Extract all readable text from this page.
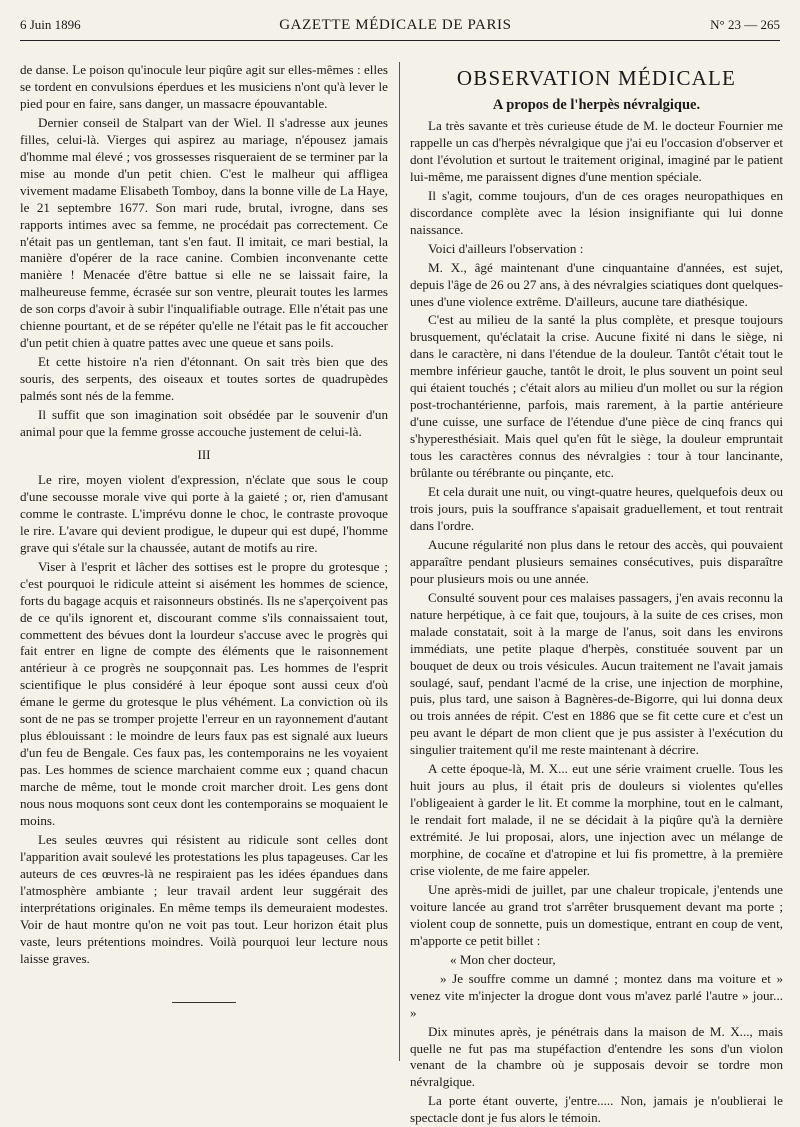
6 Juin 1896	GAZETTE MÉDICALE DE PARIS	N° 23 — 265

de danse. Le poison qu'inocule leur piqûre agit sur elles-mêmes : elles se tordent en convulsions éperdues et les musiciens n'ont qu'à lever le pied pour en faire, sans danger, un massacre épouvantable.

Dernier conseil de Stalpart van der Wiel. Il s'adresse aux jeunes filles, celui-là. Vierges qui aspirez au mariage, n'épousez jamais d'homme mal élevé ; vos grossesses risqueraient de se terminer par la mise au monde d'un petit chien. C'est le malheur qui affligea vivement madame Elisabeth Tomboy, dans la bonne ville de La Haye, le 21 septembre 1677. Son mari rude, brutal, ivrogne, dans ses rapports intimes avec sa femme, ne procédait pas correctement. Ce n'était pas un gentleman, tant s'en faut. Il imitait, ce mari bestial, la manière d'opérer de la race canine. Combien inconvenante cette manière ! Menacée d'être battue si elle ne se laissait faire, la malheureuse femme, écrasée sur son ventre, pleurait toutes les larmes de son corps d'avoir à subir l'inqualifiable outrage. Elle n'était pas une chienne pourtant, et de se répéter qu'elle ne l'était pas le fit accoucher d'un petit chien à quatre pattes avec une queue et sans poils.

Et cette histoire n'a rien d'étonnant. On sait très bien que des souris, des serpents, des oiseaux et toutes sortes de quadrupèdes palmés sont nés de la femme.

Il suffit que son imagination soit obsédée par le souvenir d'un animal pour que la femme grosse accouche justement de celui-là.

III

Le rire, moyen violent d'expression, n'éclate que sous le coup d'une secousse morale vive qui porte à la gaieté ; or, rien d'amusant comme le contraste. L'imprévu donne le choc, le contraste provoque le rire. L'avare qui devient prodigue, le dupeur qui est dupé, l'homme grave qui s'étale sur la chaussée, autant de motifs au rire.

Viser à l'esprit et lâcher des sottises est le propre du grotesque ; c'est pourquoi le ridicule atteint si aisément les hommes de science, forts du bagage acquis et raisonneurs obstinés. Ils ne s'aperçoivent pas de ce qu'ils ignorent et, discourant comme s'ils connaissaient tout, commettent des bévues dont la lourdeur s'accuse avec le progrès qui fait entrer en ligne de compte des éléments que le raisonnement antérieur à ce progrès ne soupçonnait pas. Les hommes de l'esprit scientifique le plus considéré à leur époque sont aussi ceux d'où émane le germe du grotesque le plus véhément. La conviction où ils sont de ne pas se tromper projette l'erreur en un rayonnement d'autant plus éblouissant : le moindre de leurs faux pas est signalé aux lueurs d'un feu de Bengale. Ces faux pas, les contemporains ne les voyaient pas. Les hommes de science marchaient comme eux ; quand chacun marche de même, tout le monde croit marcher droit. Les gens dont nous nous moquons sont ceux dont les contemporains se moquaient le moins.

Les seules œuvres qui résistent au ridicule sont celles dont l'apparition avait soulevé les protestations les plus tapageuses. Car les auteurs de ces œuvres-là ne respiraient pas les idées épandues dans l'atmosphère ambiante ; leur travail ardent leur suggérait des interprétations originales. En même temps ils demeuraient modestes. Voir de haut montre qu'on ne voit pas tout. Leur horizon était plus vaste, leurs prétentions moindres. Voilà pourquoi leur lecture nous laisse graves.

OBSERVATION MÉDICALE
A propos de l'herpès névralgique.

La très savante et très curieuse étude de M. le docteur Fournier me rappelle un cas d'herpès névralgique que j'ai eu l'occasion d'observer et dont l'évolution et surtout le traitement original, imaginé par le patient lui-même, me paraissent dignes d'une mention spéciale.

Il s'agit, comme toujours, d'un de ces orages neuropathiques en discordance complète avec la lésion insignifiante qui lui donne naissance.

Voici d'ailleurs l'observation :

M. X., âgé maintenant d'une cinquantaine d'années, est sujet, depuis l'âge de 26 ou 27 ans, à des névralgies sciatiques dont quelques-unes d'une violence extrême. D'ailleurs, aucune tare diathésique.

C'est au milieu de la santé la plus complète, et presque toujours brusquement, qu'éclatait la crise. Aucune fixité ni dans le siège, ni dans le caractère, ni dans l'étendue de la douleur. Tantôt c'était tout le membre inférieur gauche, tantôt le droit, le plus souvent un point seul qui étaient touchés ; c'était alors au milieu d'un mollet ou sur la région post-trochantérienne, parfois, mais rarement, à la partie antérieure d'une cuisse, une surface de l'étendue d'une pièce de cinq francs qui s'hyperesthésiait. Mais quel qu'en fût le siège, la douleur empruntait tous les caractères connus des névralgies : tour à tour lancinante, brûlante ou térébrante ou pinçante, etc.

Et cela durait une nuit, ou vingt-quatre heures, quelquefois deux ou trois jours, puis la souffrance s'apaisait graduellement, et tout rentrait dans l'ordre.

Aucune régularité non plus dans le retour des accès, qui pouvaient apparaître pendant plusieurs semaines consécutives, puis disparaître pour plusieurs mois ou une année.

Consulté souvent pour ces malaises passagers, j'en avais reconnu la nature herpétique, à ce fait que, toujours, à la suite de ces crises, mon malade constatait, soit à la marge de l'anus, soit dans les environs immédiats, une petite plaque d'herpès, constituée souvent par un bouquet de deux ou trois vésicules. Aucun traitement ne l'avait jamais soulagé, sauf, pendant l'acmé de la crise, une injection de morphine, puis, plus tard, une saison à Bagnères-de-Bigorre, qui lui donna deux ou trois années de répit. C'est en 1886 que se fit cette cure et c'est un peu avant le départ de mon client que je pus assister à l'exécution du singulier traitement qu'il me reste maintenant à décrire.

A cette époque-là, M. X... eut une série vraiment cruelle. Tous les huit jours au plus, il était pris de douleurs si violentes qu'elles l'obligeaient à garder le lit. Et comme la morphine, tout en le calmant, le rendait fort malade, il ne se décidait à la piqûre qu'à la dernière extrémité. Je lui proposai, alors, une injection avec un mélange de morphine, de cocaïne et d'atropine et lui fis promettre, à la première crise violente, de me faire appeler.

Une après-midi de juillet, par une chaleur tropicale, j'entends une voiture lancée au grand trot s'arrêter brusquement devant ma porte ; violent coup de sonnette, puis un domestique, entrant en coup de vent, m'apporte ce petit billet :

« Mon cher docteur,

» Je souffre comme un damné ; montez dans ma voiture et » venez vite m'injecter la drogue dont vous m'avez parlé l'autre » jour... »

Dix minutes après, je pénétrais dans la maison de M. X..., mais quelle ne fut pas ma stupéfaction d'entendre les sons d'un violon venant de la chambre où je supposais devoir se tordre mon névralgique.

La porte étant ouverte, j'entre..... Non, jamais je n'oublierai le spectacle dont je fus alors le témoin.
